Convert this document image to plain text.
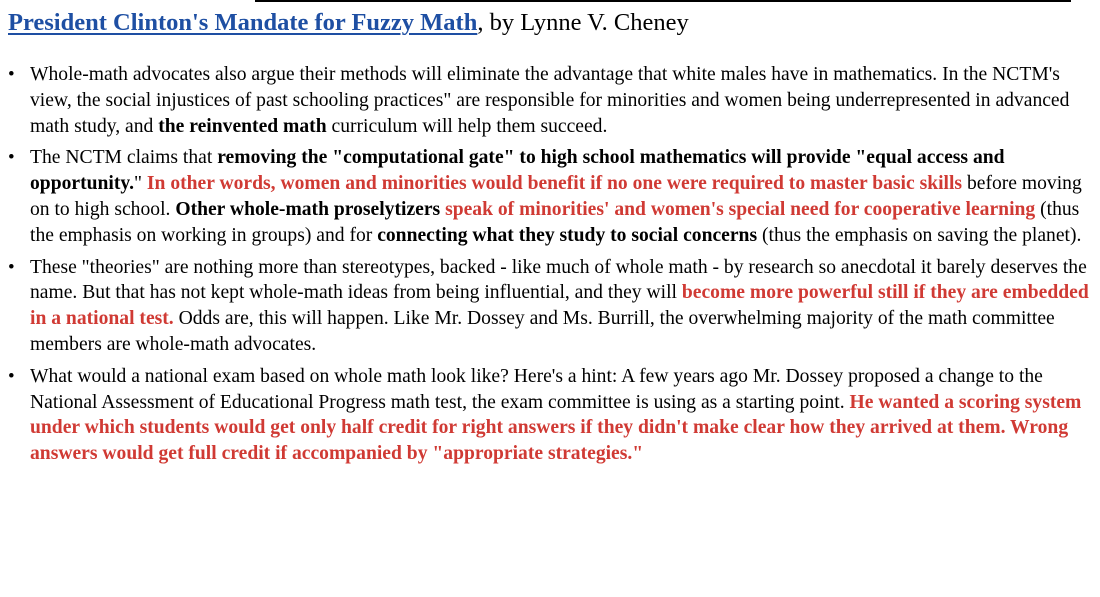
President Clinton's Mandate for Fuzzy Math, by Lynne V. Cheney
• Whole-math advocates also argue their methods will eliminate the advantage that white males have in mathematics. In the NCTM's view, the social injustices of past schooling practices" are responsible for minorities and women being underrepresented in advanced math study, and the reinvented math curriculum will help them succeed.
• The NCTM claims that removing the "computational gate" to high school mathematics will provide "equal access and opportunity." In other words, women and minorities would benefit if no one were required to master basic skills before moving on to high school. Other whole-math proselytizers speak of minorities' and women's special need for cooperative learning (thus the emphasis on working in groups) and for connecting what they study to social concerns (thus the emphasis on saving the planet).
• These "theories" are nothing more than stereotypes, backed - like much of whole math - by research so anecdotal it barely deserves the name. But that has not kept whole-math ideas from being influential, and they will become more powerful still if they are embedded in a national test. Odds are, this will happen. Like Mr. Dossey and Ms. Burrill, the overwhelming majority of the math committee members are whole-math advocates.
• What would a national exam based on whole math look like? Here's a hint: A few years ago Mr. Dossey proposed a change to the National Assessment of Educational Progress math test, the exam committee is using as a starting point. He wanted a scoring system under which students would get only half credit for right answers if they didn't make clear how they arrived at them. Wrong answers would get full credit if accompanied by "appropriate strategies."
